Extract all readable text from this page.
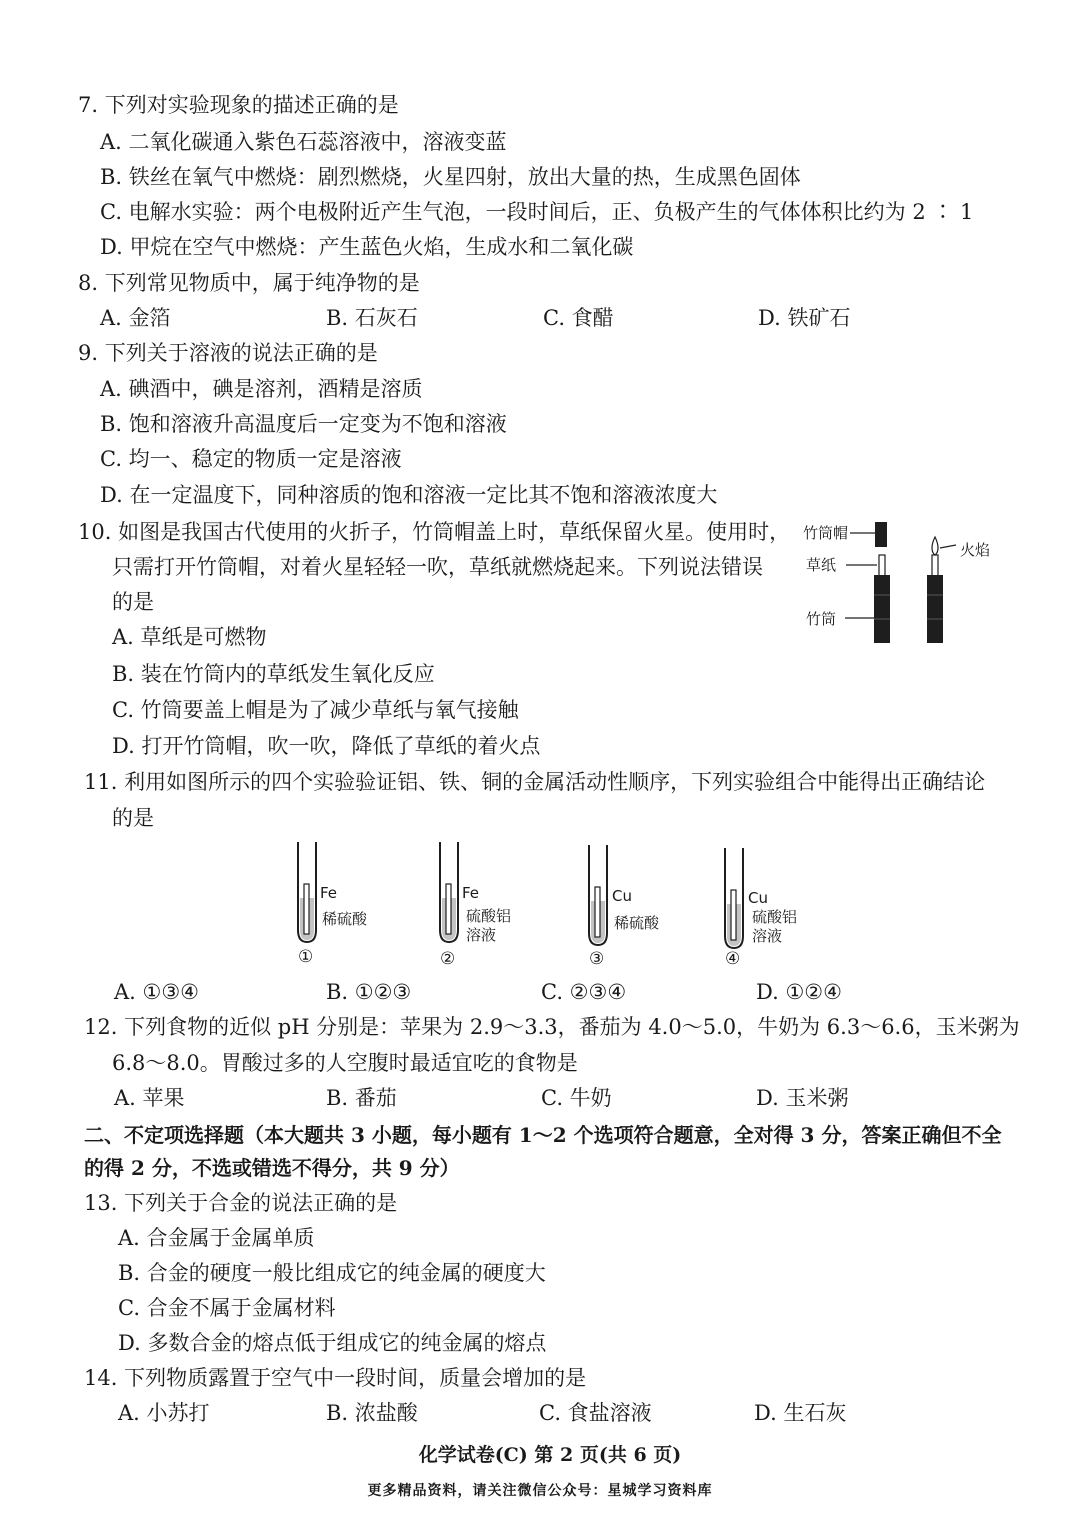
7. 下列对实验现象的描述正确的是
A. 二氧化碳通入紫色石蕊溶液中，溶液变蓝
B. 铁丝在氧气中燃烧：剧烈燃烧，火星四射，放出大量的热，生成黑色固体
C. 电解水实验：两个电极附近产生气泡，一段时间后，正、负极产生的气体体积比约为 2 ∶ 1
D. 甲烷在空气中燃烧：产生蓝色火焰，生成水和二氧化碳
8. 下列常见物质中，属于纯净物的是
A. 金箔	B. 石灰石	C. 食醋	D. 铁矿石
9. 下列关于溶液的说法正确的是
A. 碘酒中，碘是溶剂，酒精是溶质
B. 饱和溶液升高温度后一定变为不饱和溶液
C. 均一、稳定的物质一定是溶液
D. 在一定温度下，同种溶质的饱和溶液一定比其不饱和溶液浓度大
10. 如图是我国古代使用的火折子，竹筒帽盖上时，草纸保留火星。使用时，
只需打开竹筒帽，对着火星轻轻一吹，草纸就燃烧起来。下列说法错误
的是
A. 草纸是可燃物
B. 装在竹筒内的草纸发生氧化反应
C. 竹筒要盖上帽是为了减少草纸与氧气接触
D. 打开竹筒帽，吹一吹，降低了草纸的着火点
竹筒帽
草纸
竹筒
火焰
11. 利用如图所示的四个实验验证铝、铁、铜的金属活动性顺序，下列实验组合中能得出正确结论
的是
Fe
稀硫酸
①
Fe
硫酸铝
溶液
②
Cu
稀硫酸
③
Cu
硫酸铝
溶液
④
A. ①③④	B. ①②③	C. ②③④	D. ①②④
12. 下列食物的近似 pH 分别是：苹果为 2.9～3.3，番茄为 4.0～5.0，牛奶为 6.3～6.6，玉米粥为
6.8～8.0。胃酸过多的人空腹时最适宜吃的食物是
A. 苹果	B. 番茄	C. 牛奶	D. 玉米粥
二、不定项选择题（本大题共 3 小题，每小题有 1～2 个选项符合题意，全对得 3 分，答案正确但不全
的得 2 分，不选或错选不得分，共 9 分）
13. 下列关于合金的说法正确的是
A. 合金属于金属单质
B. 合金的硬度一般比组成它的纯金属的硬度大
C. 合金不属于金属材料
D. 多数合金的熔点低于组成它的纯金属的熔点
14. 下列物质露置于空气中一段时间，质量会增加的是
A. 小苏打	B. 浓盐酸	C. 食盐溶液	D. 生石灰
化学试卷(C) 第 2 页(共 6 页)
更多精品资料，请关注微信公众号：星城学习资料库
